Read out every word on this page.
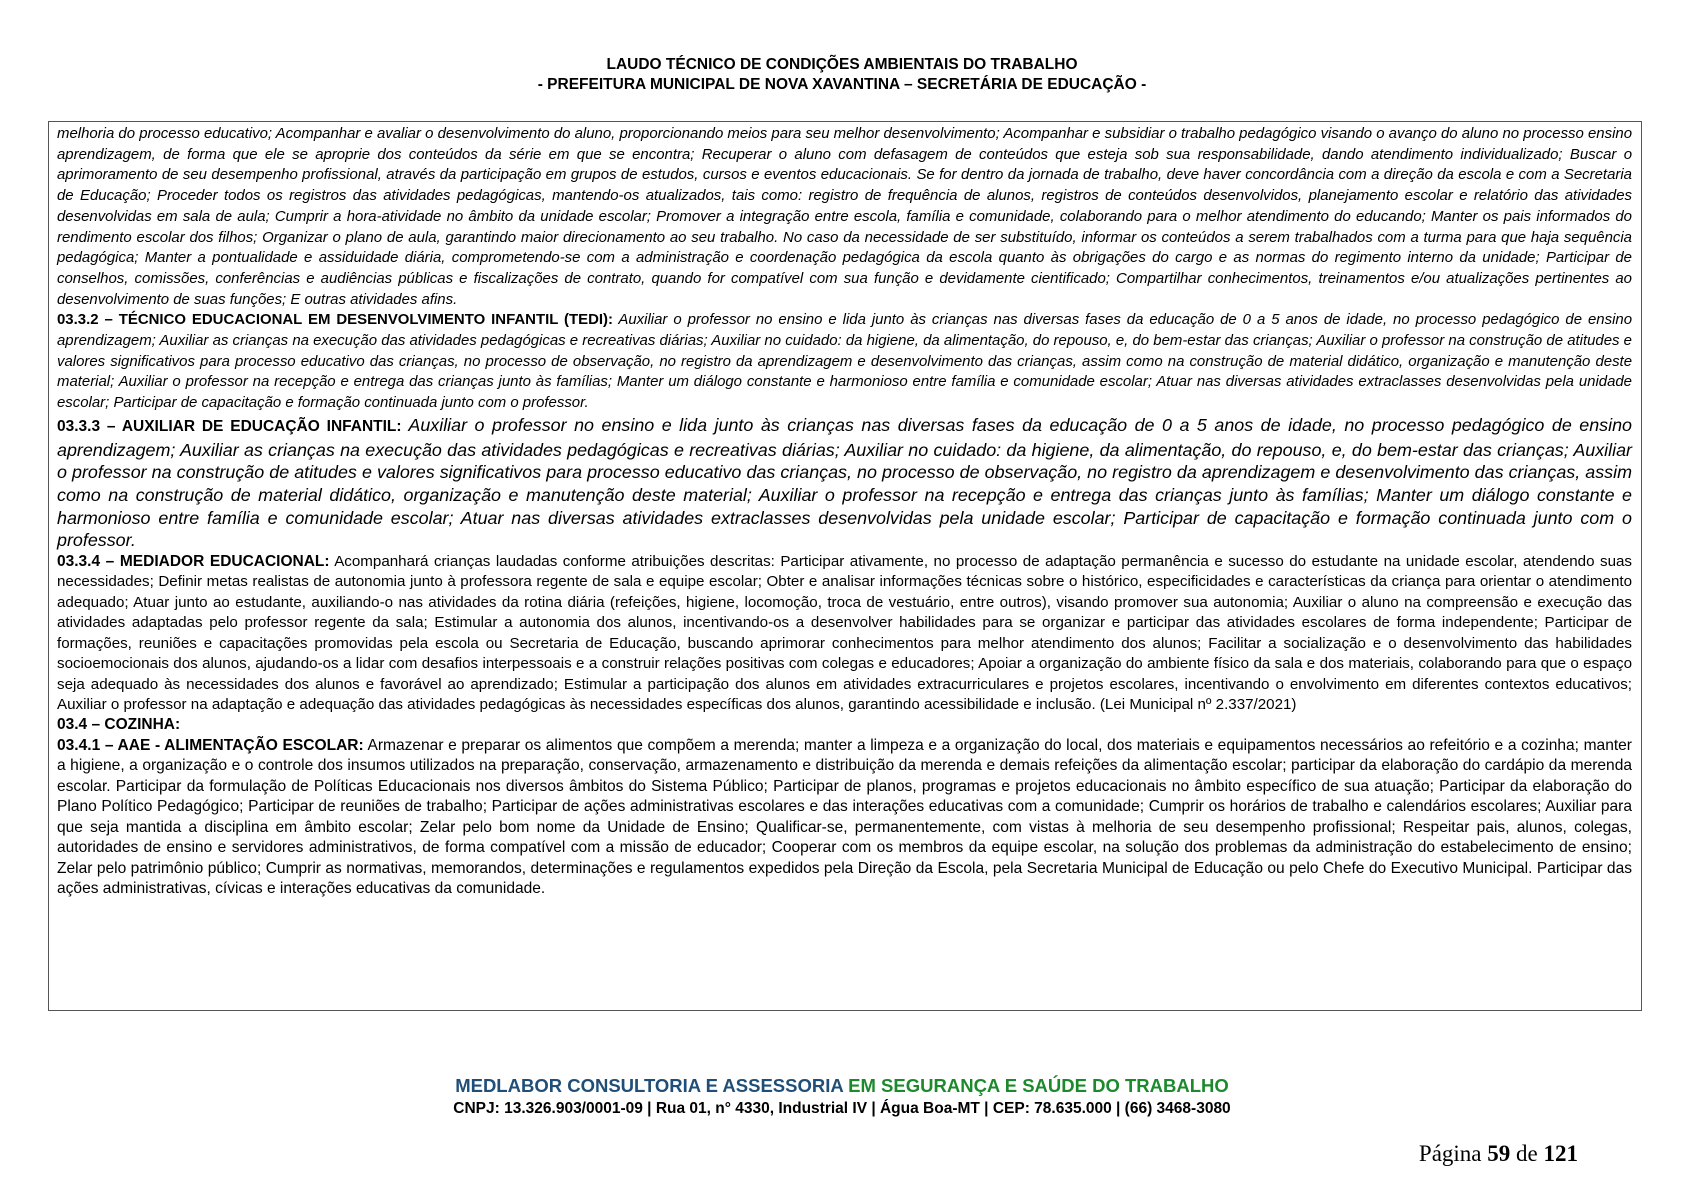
LAUDO TÉCNICO DE CONDIÇÕES AMBIENTAIS DO TRABALHO
- PREFEITURA MUNICIPAL DE NOVA XAVANTINA – SECRETÁRIA DE EDUCAÇÃO -

melhoria do processo educativo; Acompanhar e avaliar o desenvolvimento do aluno, proporcionando meios para seu melhor desenvolvimento; Acompanhar e subsidiar o trabalho pedagógico visando o avanço do aluno no processo ensino aprendizagem, de forma que ele se aproprie dos conteúdos da série em que se encontra; Recuperar o aluno com defasagem de conteúdos que esteja sob sua responsabilidade, dando atendimento individualizado; Buscar o aprimoramento de seu desempenho profissional, através da participação em grupos de estudos, cursos e eventos educacionais. Se for dentro da jornada de trabalho, deve haver concordância com a direção da escola e com a Secretaria de Educação; Proceder todos os registros das atividades pedagógicas, mantendo-os atualizados, tais como: registro de frequência de alunos, registros de conteúdos desenvolvidos, planejamento escolar e relatório das atividades desenvolvidas em sala de aula; Cumprir a hora-atividade no âmbito da unidade escolar; Promover a integração entre escola, família e comunidade, colaborando para o melhor atendimento do educando; Manter os pais informados do rendimento escolar dos filhos; Organizar o plano de aula, garantindo maior direcionamento ao seu trabalho. No caso da necessidade de ser substituído, informar os conteúdos a serem trabalhados com a turma para que haja sequência pedagógica; Manter a pontualidade e assiduidade diária, comprometendo-se com a administração e coordenação pedagógica da escola quanto às obrigações do cargo e as normas do regimento interno da unidade; Participar de conselhos, comissões, conferências e audiências públicas e fiscalizações de contrato, quando for compatível com sua função e devidamente cientificado; Compartilhar conhecimentos, treinamentos e/ou atualizações pertinentes ao desenvolvimento de suas funções; E outras atividades afins.

03.3.2 – TÉCNICO EDUCACIONAL EM DESENVOLVIMENTO INFANTIL (TEDI): Auxiliar o professor no ensino e lida junto às crianças nas diversas fases da educação de 0 a 5 anos de idade, no processo pedagógico de ensino aprendizagem; Auxiliar as crianças na execução das atividades pedagógicas e recreativas diárias; Auxiliar no cuidado: da higiene, da alimentação, do repouso, e, do bem-estar das crianças; Auxiliar o professor na construção de atitudes e valores significativos para processo educativo das crianças, no processo de observação, no registro da aprendizagem e desenvolvimento das crianças, assim como na construção de material didático, organização e manutenção deste material; Auxiliar o professor na recepção e entrega das crianças junto às famílias; Manter um diálogo constante e harmonioso entre família e comunidade escolar; Atuar nas diversas atividades extraclasses desenvolvidas pela unidade escolar; Participar de capacitação e formação continuada junto com o professor.

03.3.3 – AUXILIAR DE EDUCAÇÃO INFANTIL: Auxiliar o professor no ensino e lida junto às crianças nas diversas fases da educação de 0 a 5 anos de idade, no processo pedagógico de ensino aprendizagem; Auxiliar as crianças na execução das atividades pedagógicas e recreativas diárias; Auxiliar no cuidado: da higiene, da alimentação, do repouso, e, do bem-estar das crianças; Auxiliar o professor na construção de atitudes e valores significativos para processo educativo das crianças, no processo de observação, no registro da aprendizagem e desenvolvimento das crianças, assim como na construção de material didático, organização e manutenção deste material; Auxiliar o professor na recepção e entrega das crianças junto às famílias; Manter um diálogo constante e harmonioso entre família e comunidade escolar; Atuar nas diversas atividades extraclasses desenvolvidas pela unidade escolar; Participar de capacitação e formação continuada junto com o professor.

03.3.4 – MEDIADOR EDUCACIONAL: Acompanhará crianças laudadas conforme atribuições descritas: Participar ativamente, no processo de adaptação permanência e sucesso do estudante na unidade escolar, atendendo suas necessidades; Definir metas realistas de autonomia junto à professora regente de sala e equipe escolar; Obter e analisar informações técnicas sobre o histórico, especificidades e características da criança para orientar o atendimento adequado; Atuar junto ao estudante, auxiliando-o nas atividades da rotina diária (refeições, higiene, locomoção, troca de vestuário, entre outros), visando promover sua autonomia; Auxiliar o aluno na compreensão e execução das atividades adaptadas pelo professor regente da sala; Estimular a autonomia dos alunos, incentivando-os a desenvolver habilidades para se organizar e participar das atividades escolares de forma independente; Participar de formações, reuniões e capacitações promovidas pela escola ou Secretaria de Educação, buscando aprimorar conhecimentos para melhor atendimento dos alunos; Facilitar a socialização e o desenvolvimento das habilidades socioemocionais dos alunos, ajudando-os a lidar com desafios interpessoais e a construir relações positivas com colegas e educadores; Apoiar a organização do ambiente físico da sala e dos materiais, colaborando para que o espaço seja adequado às necessidades dos alunos e favorável ao aprendizado; Estimular a participação dos alunos em atividades extracurriculares e projetos escolares, incentivando o envolvimento em diferentes contextos educativos; Auxiliar o professor na adaptação e adequação das atividades pedagógicas às necessidades específicas dos alunos, garantindo acessibilidade e inclusão. (Lei Municipal nº 2.337/2021)

03.4 – COZINHA:

03.4.1 – AAE - ALIMENTAÇÃO ESCOLAR: Armazenar e preparar os alimentos que compõem a merenda; manter a limpeza e a organização do local, dos materiais e equipamentos necessários ao refeitório e a cozinha; manter a higiene, a organização e o controle dos insumos utilizados na preparação, conservação, armazenamento e distribuição da merenda e demais refeições da alimentação escolar; participar da elaboração do cardápio da merenda escolar. Participar da formulação de Políticas Educacionais nos diversos âmbitos do Sistema Público; Participar de planos, programas e projetos educacionais no âmbito específico de sua atuação; Participar da elaboração do Plano Político Pedagógico; Participar de reuniões de trabalho; Participar de ações administrativas escolares e das interações educativas com a comunidade; Cumprir os horários de trabalho e calendários escolares; Auxiliar para que seja mantida a disciplina em âmbito escolar; Zelar pelo bom nome da Unidade de Ensino; Qualificar-se, permanentemente, com vistas à melhoria de seu desempenho profissional; Respeitar pais, alunos, colegas, autoridades de ensino e servidores administrativos, de forma compatível com a missão de educador; Cooperar com os membros da equipe escolar, na solução dos problemas da administração do estabelecimento de ensino; Zelar pelo patrimônio público; Cumprir as normativas, memorandos, determinações e regulamentos expedidos pela Direção da Escola, pela Secretaria Municipal de Educação ou pelo Chefe do Executivo Municipal. Participar das ações administrativas, cívicas e interações educativas da comunidade.

MEDLABOR CONSULTORIA E ASSESSORIA EM SEGURANÇA E SAÚDE DO TRABALHO
CNPJ: 13.326.903/0001-09 | Rua 01, n° 4330, Industrial IV | Água Boa-MT | CEP: 78.635.000 | (66) 3468-3080
Página 59 de 121
